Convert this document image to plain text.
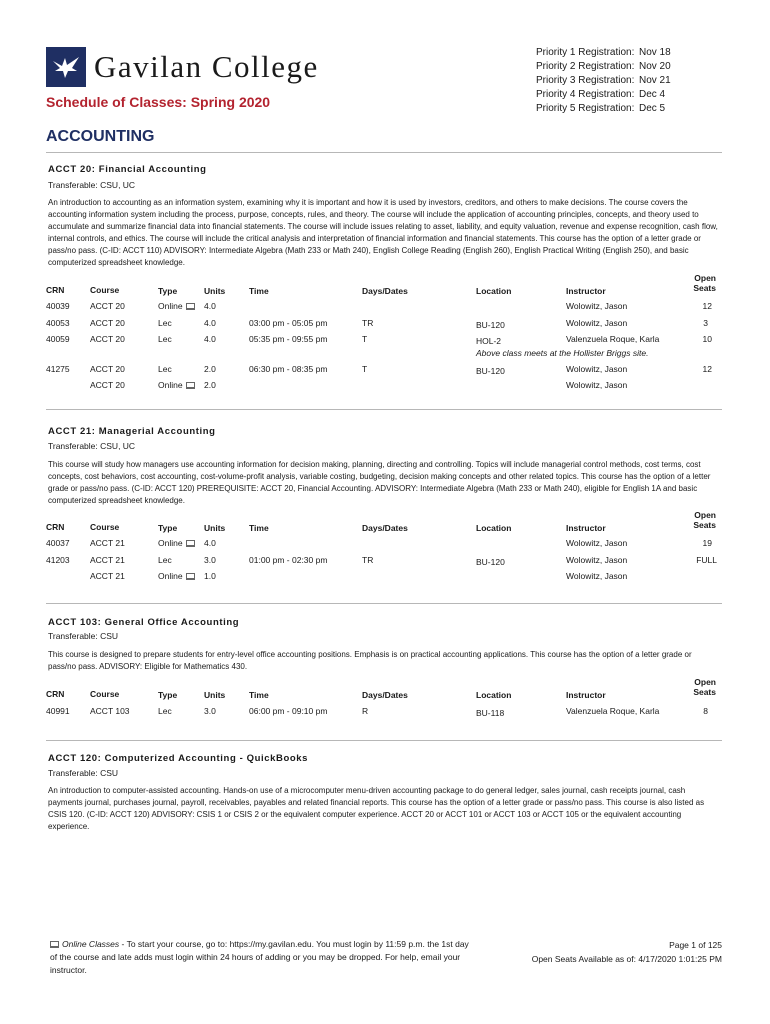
Gavilan College
Schedule of Classes: Spring 2020
Priority 1 Registration: Nov 18
Priority 2 Registration: Nov 20
Priority 3 Registration: Nov 21
Priority 4 Registration: Dec 4
Priority 5 Registration: Dec 5
ACCOUNTING
ACCT 20: Financial Accounting
Transferable: CSU, UC
An introduction to accounting as an information system, examining why it is important and how it is used by investors, creditors, and others to make decisions. The course covers the accounting information system including the process, purpose, concepts, rules, and theory. The course will include the application of accounting principles, concepts, and theory used to accumulate and summarize financial data into financial statements. The course will include issues relating to asset, liability, and equity valuation, revenue and expense recognition, cash flow, internal controls, and ethics. The course will include the critical analysis and interpretation of financial information and financial statements. This course has the option of a letter grade or pass/no pass. (C-ID: ACCT 110) ADVISORY: Intermediate Algebra (Math 233 or Math 240), English College Reading (English 260), English Practical Writing (English 250), and basic computerized spreadsheet knowledge.
CRN	Course	Type	Units	Time	Days/Dates	Location	Instructor
Open
Seats
40039 ACCT 20	Online	4.0	Wolowitz, Jason	12
40053 ACCT 20	Lec	4.0	03:00 pm - 05:05 pm	TR	BU-120	Wolowitz, Jason	3
40059 ACCT 20	Lec	4.0	05:35 pm - 09:55 pm	T	HOL-2	Valenzuela Roque, Karla	10
Above class meets at the Hollister Briggs site.
41275 ACCT 20	Lec	2.0	06:30 pm - 08:35 pm	T	BU-120	Wolowitz, Jason	12
ACCT 20	Online	2.0	Wolowitz, Jason
ACCT 21: Managerial Accounting
Transferable: CSU, UC
This course will study how managers use accounting information for decision making, planning, directing and controlling. Topics will include managerial control methods, cost terms, cost concepts, cost behaviors, cost accounting, cost-volume-profit analysis, variable costing, budgeting, decision making concepts and other related topics. This course has the option of a letter grade or pass/no pass. (C-ID: ACCT 120) PREREQUISITE: ACCT 20, Financial Accounting. ADVISORY: Intermediate Algebra (Math 233 or Math 240), eligible for English 1A and basic computerized spreadsheet knowledge.
CRN	Course	Type	Units	Time	Days/Dates	Location	Instructor
Open
Seats
40037 ACCT 21	Online	4.0	Wolowitz, Jason	19
41203 ACCT 21	Lec	3.0	01:00 pm - 02:30 pm	TR	BU-120	Wolowitz, Jason	FULL
ACCT 21	Online	1.0	Wolowitz, Jason
ACCT 103: General Office Accounting
Transferable: CSU
This course is designed to prepare students for entry-level office accounting positions. Emphasis is on practical accounting applications. This course has the option of a letter grade or pass/no pass. ADVISORY: Eligible for Mathematics 430.
CRN	Course	Type	Units	Time	Days/Dates	Location	Instructor
Open
Seats
40991 ACCT 103	Lec	3.0	06:00 pm - 09:10 pm	R	BU-118	Valenzuela Roque, Karla	8
ACCT 120: Computerized Accounting - QuickBooks
Transferable: CSU
An introduction to computer-assisted accounting. Hands-on use of a microcomputer menu-driven accounting package to do general ledger, sales journal, cash receipts journal, cash payments journal, purchases journal, payroll, receivables, payables and related financial reports. This course has the option of a letter grade or pass/no pass. This course is also listed as CSIS 120. (C-ID: ACCT 120) ADVISORY: CSIS 1 or CSIS 2 or the equivalent computer experience. ACCT 20 or ACCT 101 or ACCT 103 or ACCT 105 or the equivalent accounting experience.
Online Classes - To start your course, go to: https://my.gavilan.edu. You must login by 11:59 p.m. the 1st day of the course and late adds must login within 24 hours of adding or you may be dropped. For help, email your instructor.
Page 1 of 125
Open Seats Available as of: 4/17/2020 1:01:25 PM
